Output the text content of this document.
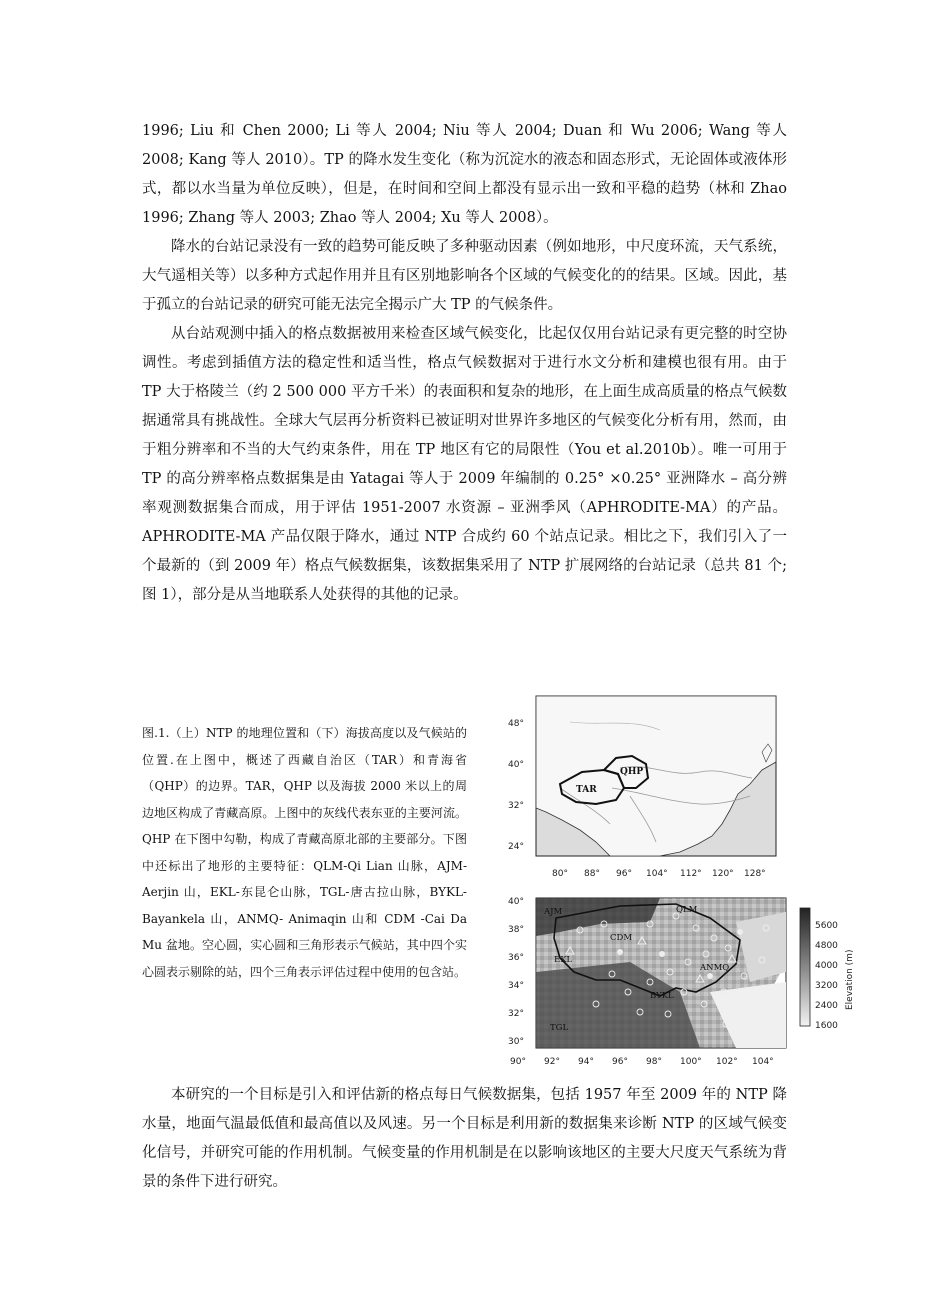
1996; Liu 和 Chen 2000; Li 等人 2004; Niu 等人 2004; Duan 和 Wu 2006; Wang 等人 2008; Kang 等人 2010）。TP 的降水发生变化（称为沉淀水的液态和固态形式，无论固体或液体形式，都以水当量为单位反映），但是，在时间和空间上都没有显示出一致和平稳的趋势（林和 Zhao 1996; Zhang 等人 2003; Zhao 等人 2004; Xu 等人 2008）。

降水的台站记录没有一致的趋势可能反映了多种驱动因素（例如地形，中尺度环流，天气系统，大气遥相关等）以多种方式起作用并且有区别地影响各个区域的气候变化的的结果。区域。因此，基于孤立的台站记录的研究可能无法完全揭示广大 TP 的气候条件。

从台站观测中插入的格点数据被用来检查区域气候变化，比起仅仅用台站记录有更完整的时空协调性。考虑到插值方法的稳定性和适当性，格点气候数据对于进行水文分析和建模也很有用。由于 TP 大于格陵兰（约 2 500 000 平方千米）的表面积和复杂的地形，在上面生成高质量的格点气候数据通常具有挑战性。全球大气层再分析资料已被证明对世界许多地区的气候变化分析有用，然而，由于粗分辨率和不当的大气约束条件，用在 TP 地区有它的局限性（You et al.2010b）。唯一可用于 TP 的高分辨率格点数据集是由 Yatagai 等人于 2009 年编制的 0.25° ×0.25° 亚洲降水 – 高分辨率观测数据集合而成，用于评估 1951-2007 水资源 – 亚洲季风（APHRODITE-MA）的产品。APHRODITE-MA 产品仅限于降水，通过 NTP 合成约 60 个站点记录。相比之下，我们引入了一个最新的（到 2009 年）格点气候数据集，该数据集采用了 NTP 扩展网络的台站记录（总共 81 个;图 1），部分是从当地联系人处获得的其他的记录。

图.1.（上）NTP 的地理位置和（下）海拔高度以及气候站的位置.在上图中，概述了西藏自治区（TAR）和青海省（QHP）的边界。TAR，QHP 以及海拔 2000 米以上的周边地区构成了青藏高原。上图中的灰线代表东亚的主要河流。QHP 在下图中勾勒，构成了青藏高原北部的主要部分。下图中还标出了地形的主要特征：QLM-Qi Lian 山脉，AJM-Aerjin 山，EKL-东昆仑山脉，TGL-唐古拉山脉，BYKL-Bayankela 山，ANMQ- Animaqin 山和 CDM -Cai Da Mu 盆地。空心圆，实心圆和三角形表示气候站，其中四个实心圆表示剔除的站，四个三角表示评估过程中使用的包含站。

TAR
QHP
48°
40°
32°
24°
80° 88° 96° 104° 112° 120° 128°
AJM	QLM
CDM
EKL
ANMQ
BYKL
TGL
40°
38°
36°
34°
32°
30°
90° 92° 94° 96° 98° 100° 102° 104°
5600
4800
4000
3200
2400
1600
Elevation (m)

本研究的一个目标是引入和评估新的格点每日气候数据集，包括 1957 年至 2009 年的 NTP 降水量，地面气温最低值和最高值以及风速。另一个目标是利用新的数据集来诊断 NTP 的区域气候变化信号，并研究可能的作用机制。气候变量的作用机制是在以影响该地区的主要大尺度天气系统为背景的条件下进行研究。
